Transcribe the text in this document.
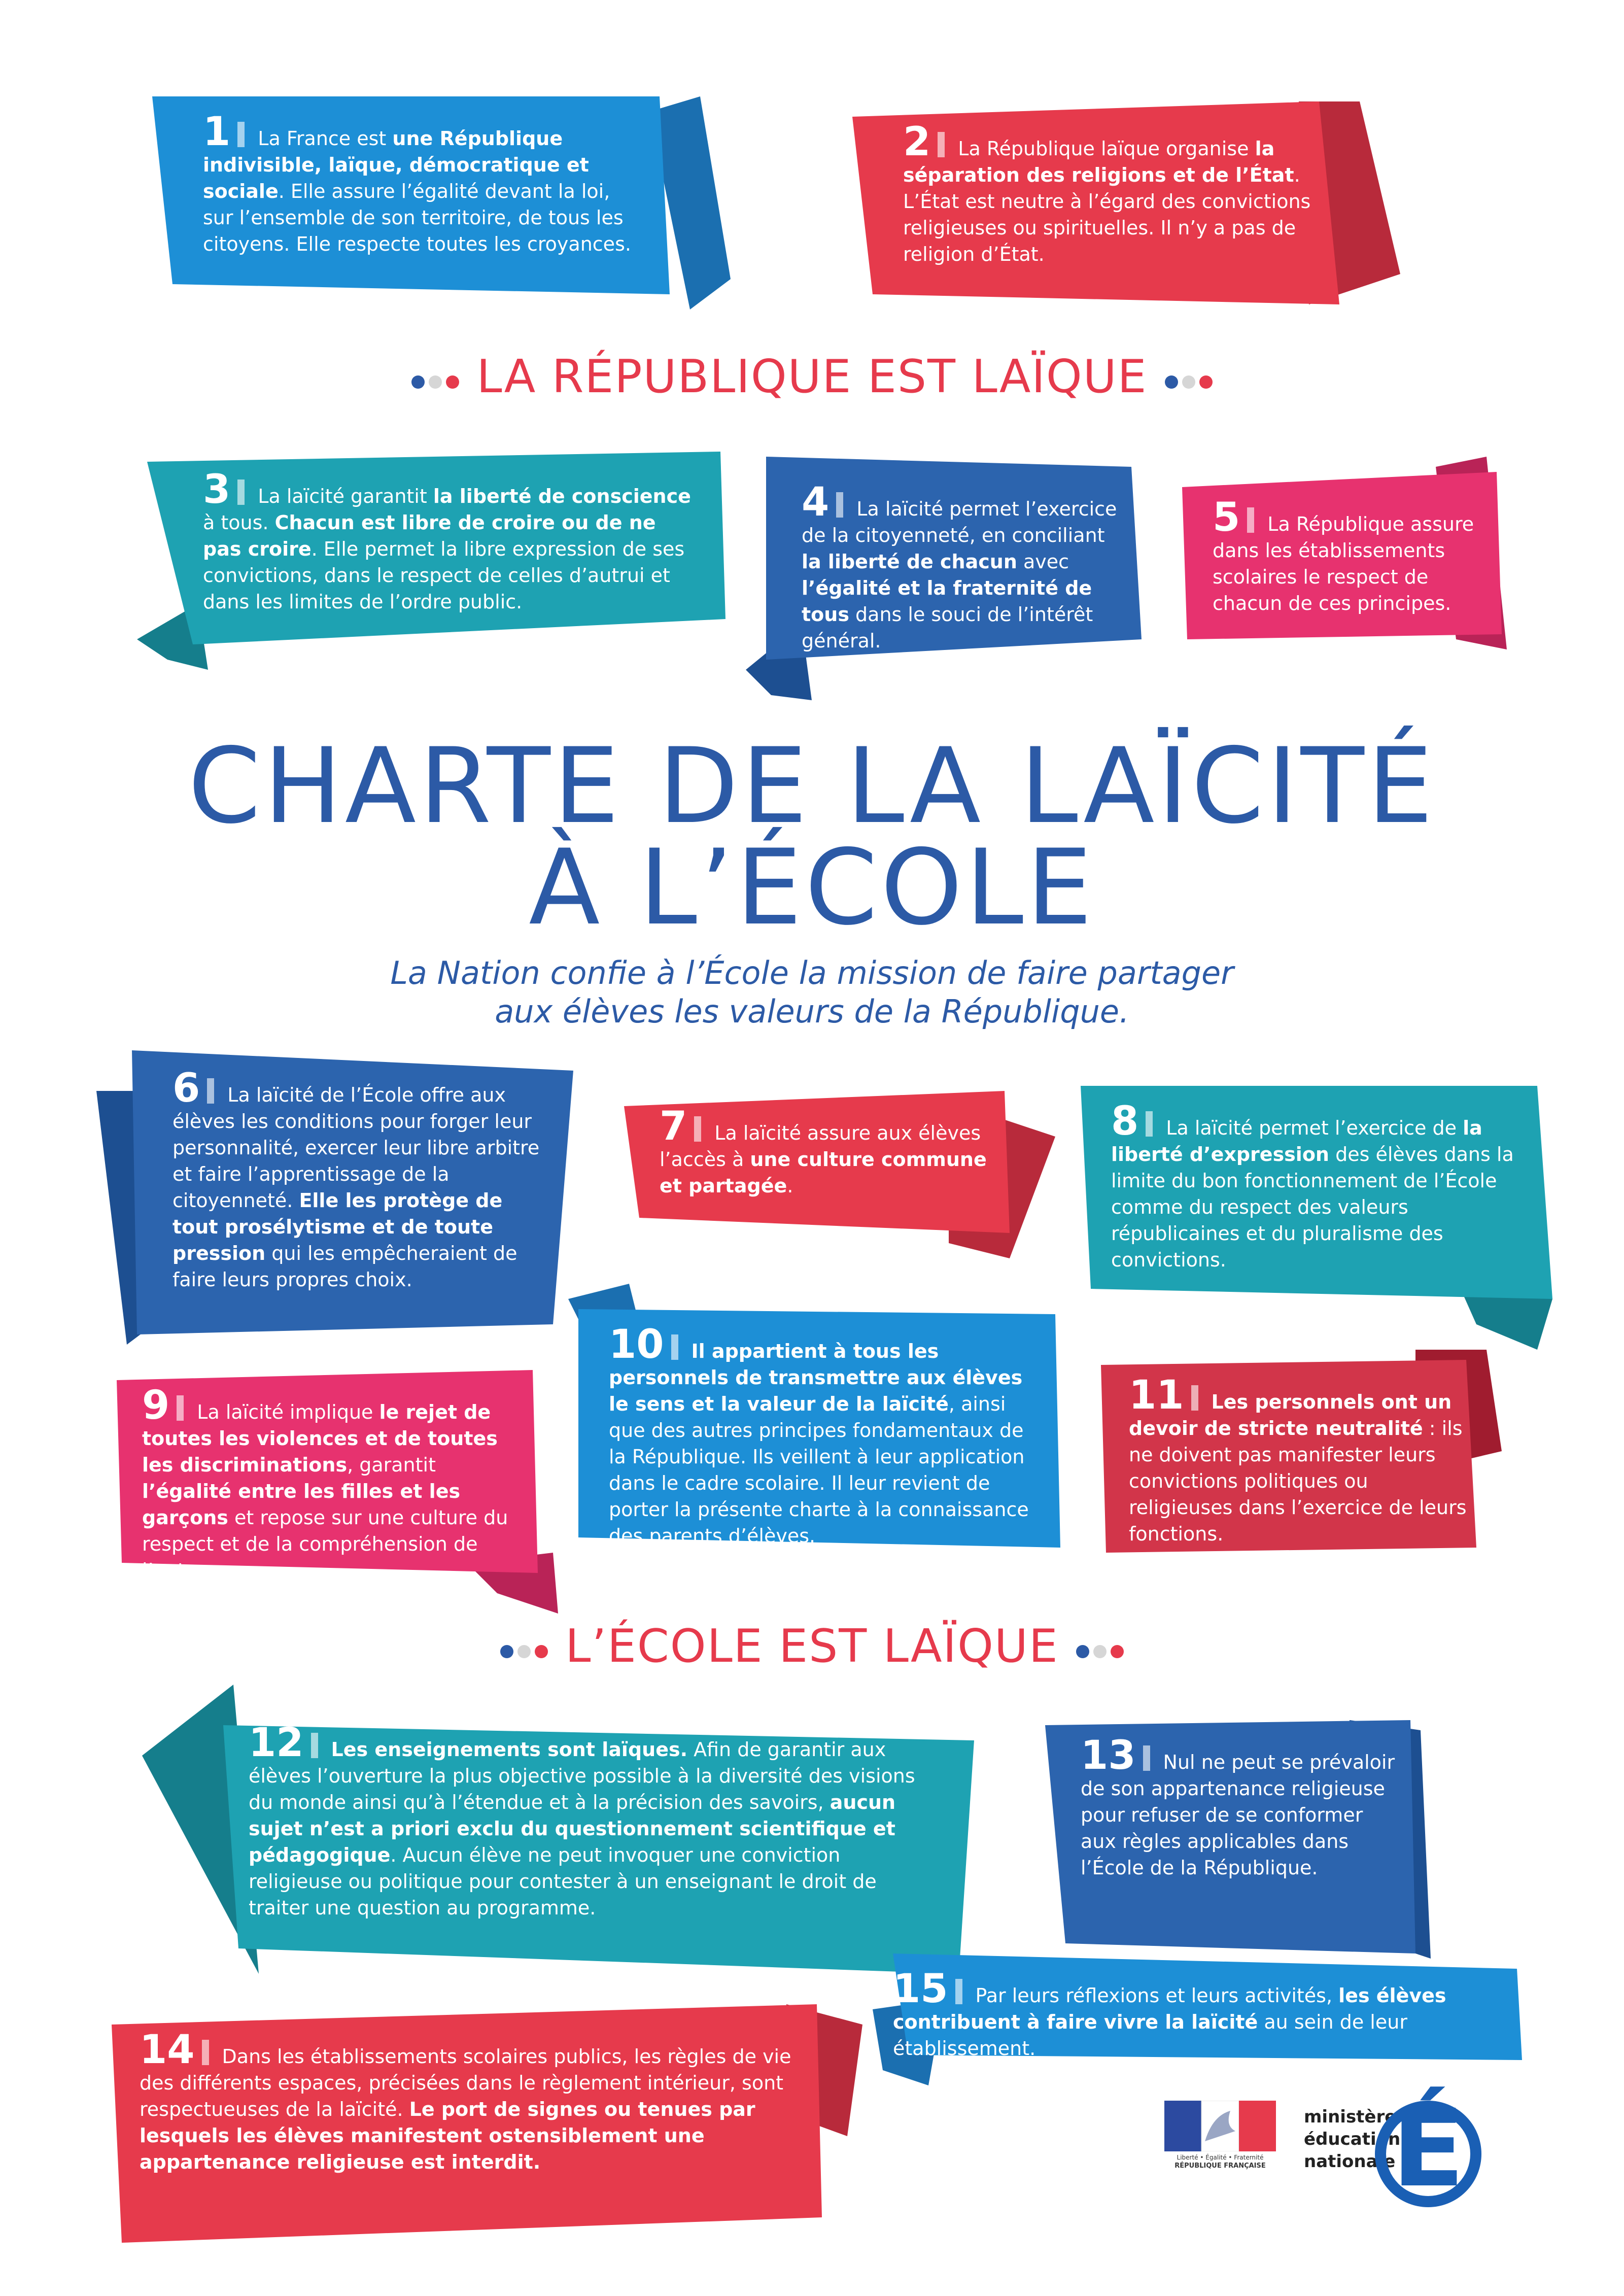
1 La France est une République indivisible, laïque, démocratique et sociale. Elle assure l’égalité devant la loi, sur l’ensemble de son territoire, de tous les citoyens. Elle respecte toutes les croyances.
2 La République laïque organise la séparation des religions et de l’État. L’État est neutre à l’égard des convictions religieuses ou spirituelles. Il n’y a pas de religion d’État.
LA RÉPUBLIQUE EST LAÏQUE
3 La laïcité garantit la liberté de conscience à tous. Chacun est libre de croire ou de ne pas croire. Elle permet la libre expression de ses convictions, dans le respect de celles d’autrui et dans les limites de l’ordre public.
4 La laïcité permet l’exercice de la citoyenneté, en conciliant la liberté de chacun avec l’égalité et la fraternité de tous dans le souci de l’intérêt général.
5 La République assure dans les établissements scolaires le respect de chacun de ces principes.
CHARTE DE LA LAÏCITÉ
À L’ÉCOLE
La Nation confie à l’École la mission de faire partager
aux élèves les valeurs de la République.
6 La laïcité de l’École offre aux élèves les conditions pour forger leur personnalité, exercer leur libre arbitre et faire l’apprentissage de la citoyenneté. Elle les protège de tout prosélytisme et de toute pression qui les empêcheraient de faire leurs propres choix.
7 La laïcité assure aux élèves l’accès à une culture commune et partagée.
8 La laïcité permet l’exercice de la liberté d’expression des élèves dans la limite du bon fonctionnement de l’École comme du respect des valeurs républicaines et du pluralisme des convictions.
10 Il appartient à tous les personnels de transmettre aux élèves le sens et la valeur de la laïcité, ainsi que des autres principes fondamentaux de la République. Ils veillent à leur application dans le cadre scolaire. Il leur revient de porter la présente charte à la connaissance des parents d’élèves.
9 La laïcité implique le rejet de toutes les violences et de toutes les discriminations, garantit l’égalité entre les filles et les garçons et repose sur une culture du respect et de la compréhension de l’autre.
11 Les personnels ont un devoir de stricte neutralité : ils ne doivent pas manifester leurs convictions politiques ou religieuses dans l’exercice de leurs fonctions.
L’ÉCOLE EST LAÏQUE
12 Les enseignements sont laïques. Afin de garantir aux élèves l’ouverture la plus objective possible à la diversité des visions du monde ainsi qu’à l’étendue et à la précision des savoirs, aucun sujet n’est a priori exclu du questionnement scientifique et pédagogique. Aucun élève ne peut invoquer une conviction religieuse ou politique pour contester à un enseignant le droit de traiter une question au programme.
13 Nul ne peut se prévaloir de son appartenance religieuse pour refuser de se conformer aux règles applicables dans l’École de la République.
15 Par leurs réflexions et leurs activités, les élèves contribuent à faire vivre la laïcité au sein de leur établissement.
14 Dans les établissements scolaires publics, les règles de vie des différents espaces, précisées dans le règlement intérieur, sont respectueuses de la laïcité. Le port de signes ou tenues par lesquels les élèves manifestent ostensiblement une appartenance religieuse est interdit.	Liberté • Égalité • Fraternité
RÉPUBLIQUE FRANÇAISE
ministère
éducation
nationale
É
